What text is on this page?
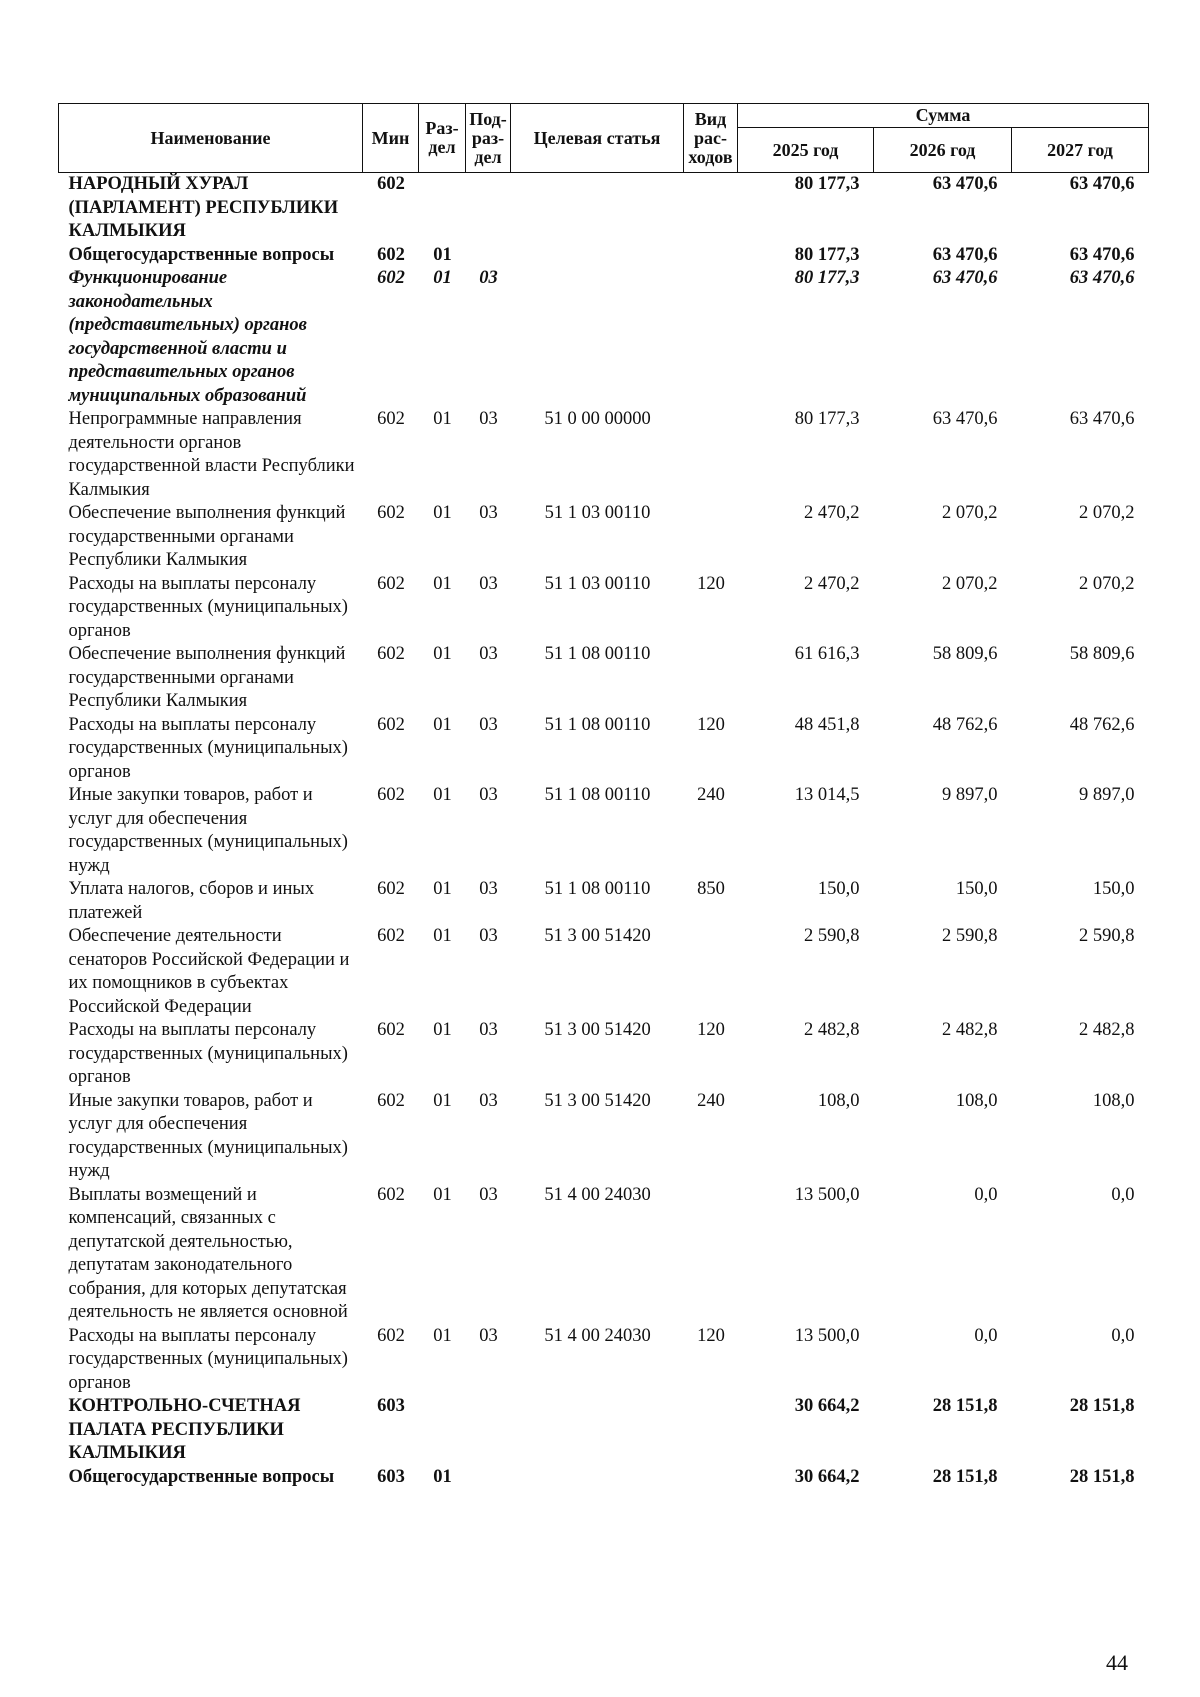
Наименование	Мин	Раз-дел	Под-раз-дел	Целевая статья	Вид рас-ходов	Сумма		
						2025 год	2026 год	2027 год
НАРОДНЫЙ ХУРАЛ (ПАРЛАМЕНТ) РЕСПУБЛИКИ КАЛМЫКИЯ	602					80 177,3	63 470,6	63 470,6
Общегосударственные вопросы	602	01				80 177,3	63 470,6	63 470,6
Функционирование законодательных (представительных) органов государственной власти и представительных органов муниципальных образований	602	01	03			80 177,3	63 470,6	63 470,6
Непрограммные направления деятельности органов государственной власти Республики Калмыкия	602	01	03	51 0 00 00000		80 177,3	63 470,6	63 470,6
Обеспечение выполнения функций государственными органами Республики Калмыкия	602	01	03	51 1 03 00110		2 470,2	2 070,2	2 070,2
Расходы на выплаты персоналу государственных (муниципальных) органов	602	01	03	51 1 03 00110	120	2 470,2	2 070,2	2 070,2
Обеспечение выполнения функций государственными органами Республики Калмыкия	602	01	03	51 1 08 00110		61 616,3	58 809,6	58 809,6
Расходы на выплаты персоналу государственных (муниципальных) органов	602	01	03	51 1 08 00110	120	48 451,8	48 762,6	48 762,6
Иные закупки товаров, работ и услуг для обеспечения государственных (муниципальных) нужд	602	01	03	51 1 08 00110	240	13 014,5	9 897,0	9 897,0
Уплата налогов, сборов и иных платежей	602	01	03	51 1 08 00110	850	150,0	150,0	150,0
Обеспечение деятельности сенаторов Российской Федерации и их помощников в субъектах Российской Федерации	602	01	03	51 3 00 51420		2 590,8	2 590,8	2 590,8
Расходы на выплаты персоналу государственных (муниципальных) органов	602	01	03	51 3 00 51420	120	2 482,8	2 482,8	2 482,8
Иные закупки товаров, работ и услуг для обеспечения государственных (муниципальных) нужд	602	01	03	51 3 00 51420	240	108,0	108,0	108,0
Выплаты возмещений и компенсаций, связанных с депутатской деятельностью, депутатам законодательного собрания, для которых депутатская деятельность не является основной	602	01	03	51 4 00 24030		13 500,0	0,0	0,0
Расходы на выплаты персоналу государственных (муниципальных) органов	602	01	03	51 4 00 24030	120	13 500,0	0,0	0,0
КОНТРОЛЬНО-СЧЕТНАЯ ПАЛАТА РЕСПУБЛИКИ КАЛМЫКИЯ	603					30 664,2	28 151,8	28 151,8
Общегосударственные вопросы	603	01				30 664,2	28 151,8	28 151,8
44
